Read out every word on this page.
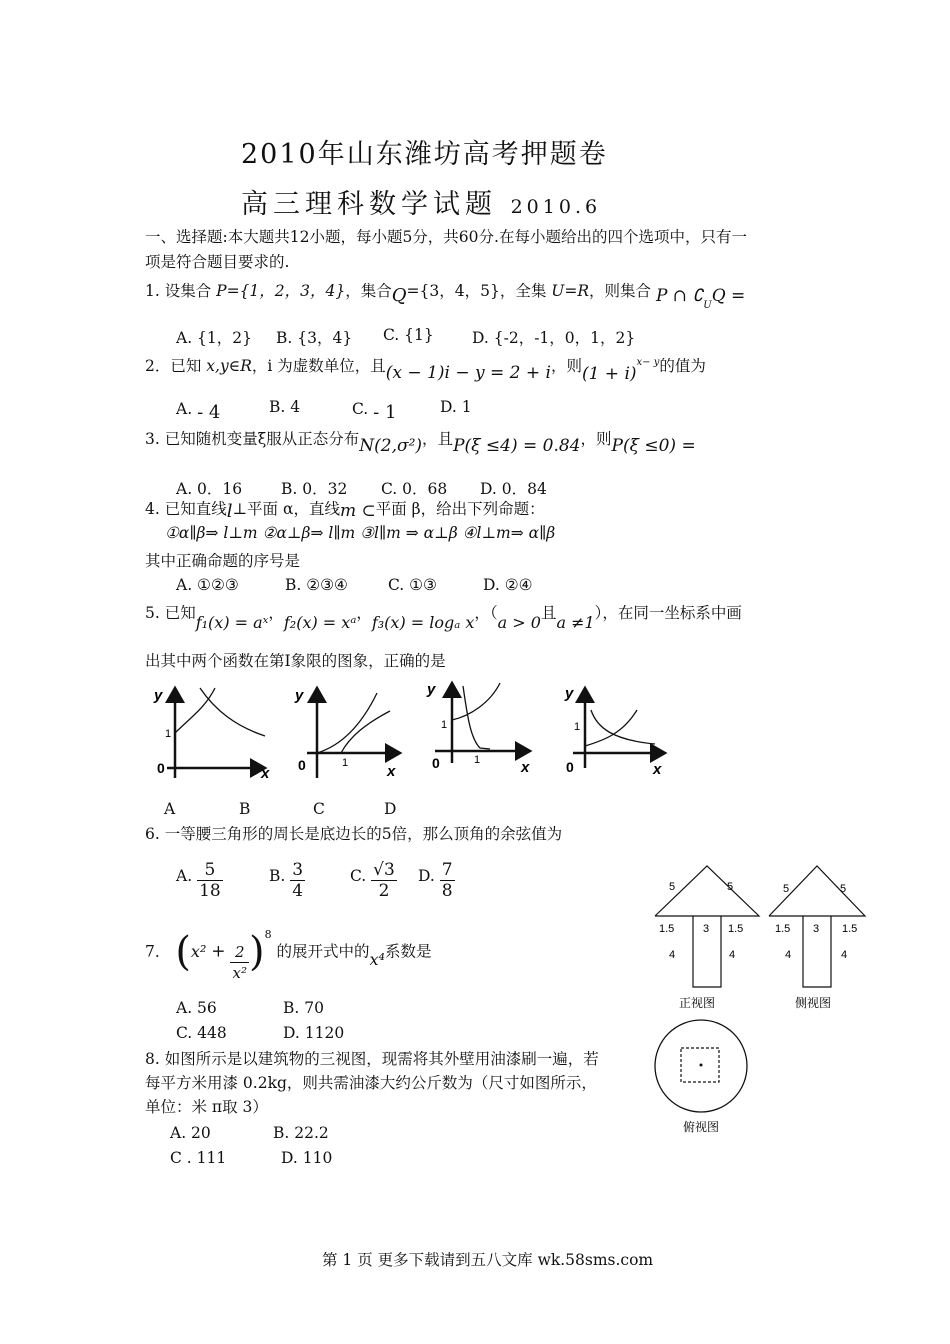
2010年山东潍坊高考押题卷
高三理科数学试题 2010.6
一、选择题:本大题共12小题，每小题5分，共60分.在每小题给出的四个选项中，只有一
项是符合题目要求的.
1. 设集合 P={1，2，3，4}，集合Q={3，4，5}，全集 U=R，则集合 P ∩ $∁_UQ$ =
A. {1，2} B. {3，4} C. {1} D. {-2，-1，0，1，2}
2．已知 x,y∈R，i 为虚数单位，且(x − 1)i − y = 2 + i，则$(1 + i)^{x- y}$的值为
A. - 4	B. 4	C. - 1	D. 1
3. 已知随机变量ξ服从正态分布N(2,σ²)，且P(ξ ≤4) = 0.84，则P(ξ ≤0) =
A. 0．16	B. 0．32 C. 0．68 D. 0．84
4. 已知直线l⊥平面 α，直线m ⊂平面 β，给出下列命题：
①α∥β⇒ l⊥m ②α⊥β⇒ l∥m ③l∥m ⇒ α⊥β ④l⊥m⇒ α∥β
其中正确命题的序号是
A. ①②③	B. ②③④	C. ①③	D. ②④
5. 已知f₁(x) = aˣ，f₂(x) = xᵃ，f₃(x) = logₐ x，（a > 0且a ≠1），在同一坐标系中画
出其中两个函数在第Ⅰ象限的图象，正确的是
y
1
0	x
y
1
0	x
y
1
1
0	x
y
1
0	x
A	B	C	D
6. 一等腰三角形的周长是底边长的5倍，那么顶角的余弦值为
A. $\frac{5}{18}$	B. $\frac{3}{4}$	C. $\frac{√3}{2} D$. $\frac{7}{8}$
7． $(x^2 + \frac{2}{\text{x²}} )^8$ 的展开式中的x⁴系数是
A. 56	B. 70
C. 448	D. 1120
8. 如图所示是以建筑物的三视图，现需将其外壁用油漆刷一遍，若
每平方米用漆 0.2kg，则共需油漆大约公斤数为（尺寸如图所示，
单位：米 π取 3）
A. 20	B. 22.2
C . 111	D. 110
5	5
1.5	1.5
3
4	4
正视图
5	5
1.5	1.5
3
4	4
侧视图
俯视图
第 1 页 更多下载请到五八文库 wk.58sms.com
